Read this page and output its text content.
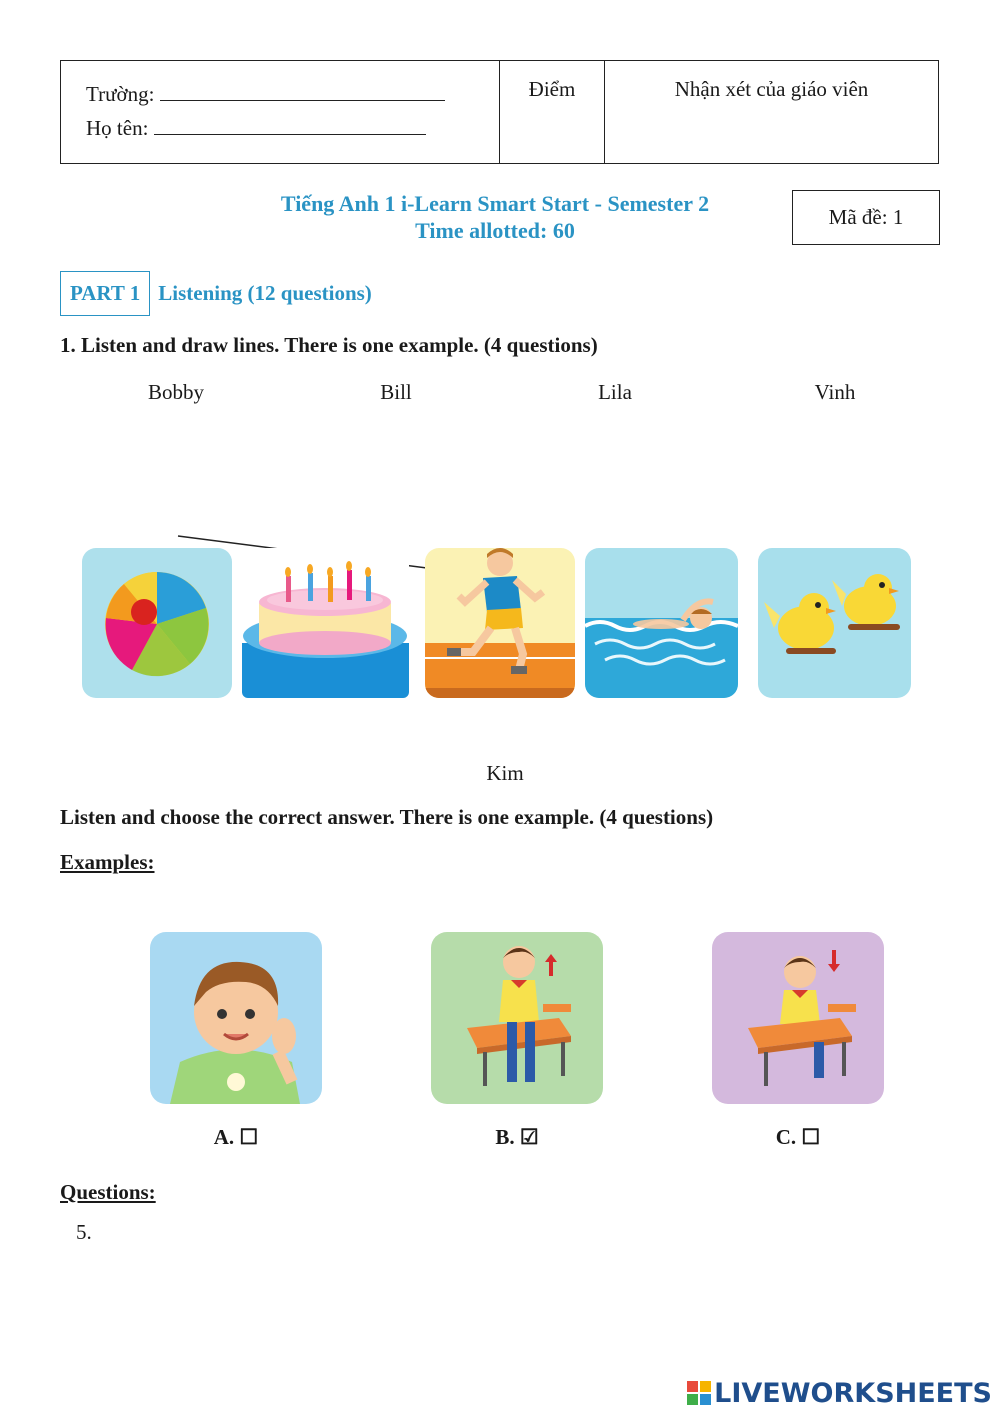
Trường:
Họ tên:
Điểm	Nhận xét của giáo viên
Tiếng Anh 1 i-Learn Smart Start - Semester 2
Time allotted: 60
Mã đề: 1
PART 1 Listening (12 questions)
1. Listen and draw lines. There is one example. (4 questions)
Bobby	Bill	Lila	Vinh
Kim
Listen and choose the correct answer. There is one example. (4 questions)
Examples:
A. ☐	B. ☑	C. ☐
Questions:
5.
LIVEWORKSHEETS
